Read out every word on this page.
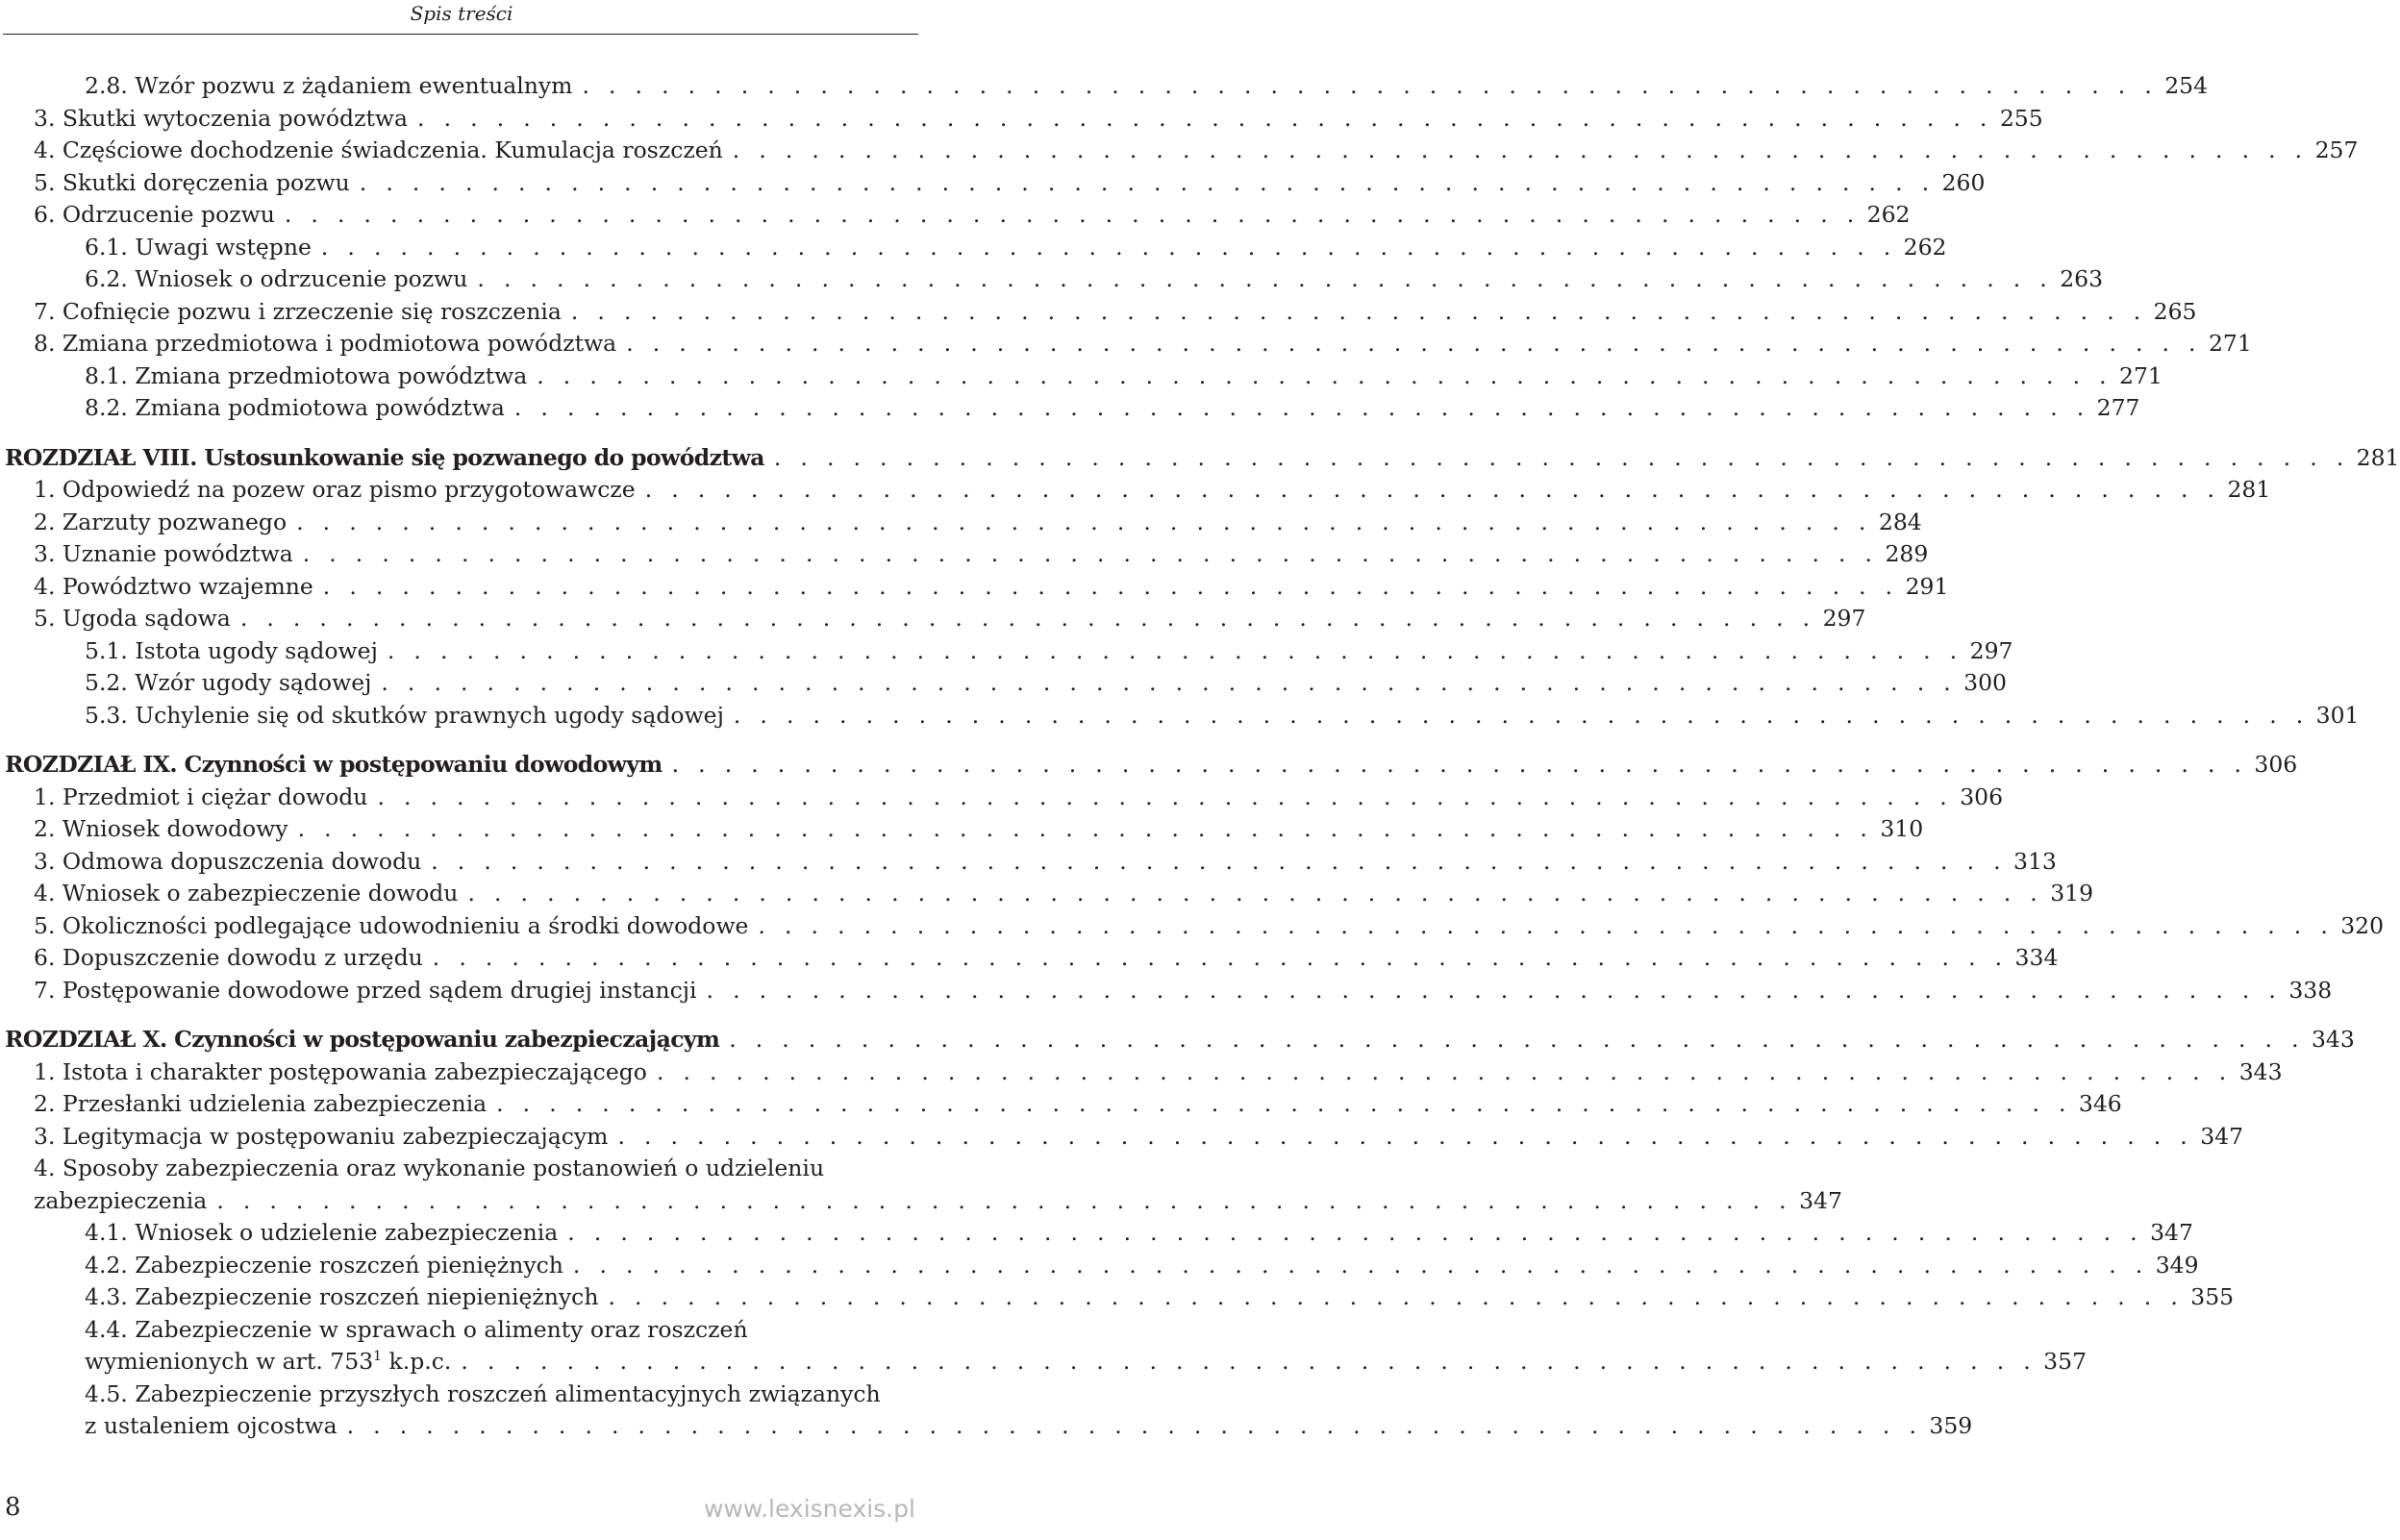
Spis treści
2.8. Wzór pozwu z żądaniem ewentualnym . . . . . . . . . . . . . . . . . . . . . . . . . . . . . . . . . . . . . . . . . . . . . . . . . . . . . . . . . . . . 254
3. Skutki wytoczenia powództwa . . . . . . . . . . . . . . . . . . . . . . . . . . . . . . . . . . . . . . . . . . . . . . . . . . . . . . . . . . . . 255
4. Częściowe dochodzenie świadczenia. Kumulacja roszczeń . . . . . . . . . . . . . . . . . . . . . . . . . . . . . . . . . . . . . . . . . . . . . . . . . . . . . . . . . . . . 257
5. Skutki doręczenia pozwu . . . . . . . . . . . . . . . . . . . . . . . . . . . . . . . . . . . . . . . . . . . . . . . . . . . . . . . . . . . . 260
6. Odrzucenie pozwu . . . . . . . . . . . . . . . . . . . . . . . . . . . . . . . . . . . . . . . . . . . . . . . . . . . . . . . . . . . . 262
6.1. Uwagi wstępne . . . . . . . . . . . . . . . . . . . . . . . . . . . . . . . . . . . . . . . . . . . . . . . . . . . . . . . . . . . . 262
6.2. Wniosek o odrzucenie pozwu . . . . . . . . . . . . . . . . . . . . . . . . . . . . . . . . . . . . . . . . . . . . . . . . . . . . . . . . . . . . 263
7. Cofnięcie pozwu i zrzeczenie się roszczenia . . . . . . . . . . . . . . . . . . . . . . . . . . . . . . . . . . . . . . . . . . . . . . . . . . . . . . . . . . . . 265
8. Zmiana przedmiotowa i podmiotowa powództwa . . . . . . . . . . . . . . . . . . . . . . . . . . . . . . . . . . . . . . . . . . . . . . . . . . . . . . . . . . . . 271
8.1. Zmiana przedmiotowa powództwa . . . . . . . . . . . . . . . . . . . . . . . . . . . . . . . . . . . . . . . . . . . . . . . . . . . . . . . . . . . . 271
8.2. Zmiana podmiotowa powództwa . . . . . . . . . . . . . . . . . . . . . . . . . . . . . . . . . . . . . . . . . . . . . . . . . . . . . . . . . . . . 277
ROZDZIAŁ VIII. Ustosunkowanie się pozwanego do powództwa . . . . . . . . . . . . . . . . . . . . . . . . . . . . . . . . . . . . . . . . . . . . . . . . . . . . . . . . . . . . 281
1. Odpowiedź na pozew oraz pismo przygotowawcze . . . . . . . . . . . . . . . . . . . . . . . . . . . . . . . . . . . . . . . . . . . . . . . . . . . . . . . . . . . . 281
2. Zarzuty pozwanego . . . . . . . . . . . . . . . . . . . . . . . . . . . . . . . . . . . . . . . . . . . . . . . . . . . . . . . . . . . . 284
3. Uznanie powództwa . . . . . . . . . . . . . . . . . . . . . . . . . . . . . . . . . . . . . . . . . . . . . . . . . . . . . . . . . . . . 289
4. Powództwo wzajemne . . . . . . . . . . . . . . . . . . . . . . . . . . . . . . . . . . . . . . . . . . . . . . . . . . . . . . . . . . . . 291
5. Ugoda sądowa . . . . . . . . . . . . . . . . . . . . . . . . . . . . . . . . . . . . . . . . . . . . . . . . . . . . . . . . . . . . 297
5.1. Istota ugody sądowej . . . . . . . . . . . . . . . . . . . . . . . . . . . . . . . . . . . . . . . . . . . . . . . . . . . . . . . . . . . . 297
5.2. Wzór ugody sądowej . . . . . . . . . . . . . . . . . . . . . . . . . . . . . . . . . . . . . . . . . . . . . . . . . . . . . . . . . . . . 300
5.3. Uchylenie się od skutków prawnych ugody sądowej . . . . . . . . . . . . . . . . . . . . . . . . . . . . . . . . . . . . . . . . . . . . . . . . . . . . . . . . . . . . 301
ROZDZIAŁ IX. Czynności w postępowaniu dowodowym . . . . . . . . . . . . . . . . . . . . . . . . . . . . . . . . . . . . . . . . . . . . . . . . . . . . . . . . . . . . 306
1. Przedmiot i ciężar dowodu . . . . . . . . . . . . . . . . . . . . . . . . . . . . . . . . . . . . . . . . . . . . . . . . . . . . . . . . . . . . 306
2. Wniosek dowodowy . . . . . . . . . . . . . . . . . . . . . . . . . . . . . . . . . . . . . . . . . . . . . . . . . . . . . . . . . . . . 310
3. Odmowa dopuszczenia dowodu . . . . . . . . . . . . . . . . . . . . . . . . . . . . . . . . . . . . . . . . . . . . . . . . . . . . . . . . . . . . 313
4. Wniosek o zabezpieczenie dowodu . . . . . . . . . . . . . . . . . . . . . . . . . . . . . . . . . . . . . . . . . . . . . . . . . . . . . . . . . . . . 319
5. Okoliczności podlegające udowodnieniu a środki dowodowe . . . . . . . . . . . . . . . . . . . . . . . . . . . . . . . . . . . . . . . . . . . . . . . . . . . . . . . . . . . . 320
6. Dopuszczenie dowodu z urzędu . . . . . . . . . . . . . . . . . . . . . . . . . . . . . . . . . . . . . . . . . . . . . . . . . . . . . . . . . . . . 334
7. Postępowanie dowodowe przed sądem drugiej instancji . . . . . . . . . . . . . . . . . . . . . . . . . . . . . . . . . . . . . . . . . . . . . . . . . . . . . . . . . . . . 338
ROZDZIAŁ X. Czynności w postępowaniu zabezpieczającym . . . . . . . . . . . . . . . . . . . . . . . . . . . . . . . . . . . . . . . . . . . . . . . . . . . . . . . . . . . . 343
1. Istota i charakter postępowania zabezpieczającego . . . . . . . . . . . . . . . . . . . . . . . . . . . . . . . . . . . . . . . . . . . . . . . . . . . . . . . . . . . . 343
2. Przesłanki udzielenia zabezpieczenia . . . . . . . . . . . . . . . . . . . . . . . . . . . . . . . . . . . . . . . . . . . . . . . . . . . . . . . . . . . . 346
3. Legitymacja w postępowaniu zabezpieczającym . . . . . . . . . . . . . . . . . . . . . . . . . . . . . . . . . . . . . . . . . . . . . . . . . . . . . . . . . . . . 347
4. Sposoby zabezpieczenia oraz wykonanie postanowień o udzieleniu
zabezpieczenia . . . . . . . . . . . . . . . . . . . . . . . . . . . . . . . . . . . . . . . . . . . . . . . . . . . . . . . . . . . . 347
4.1. Wniosek o udzielenie zabezpieczenia . . . . . . . . . . . . . . . . . . . . . . . . . . . . . . . . . . . . . . . . . . . . . . . . . . . . . . . . . . . . 347
4.2. Zabezpieczenie roszczeń pieniężnych . . . . . . . . . . . . . . . . . . . . . . . . . . . . . . . . . . . . . . . . . . . . . . . . . . . . . . . . . . . . 349
4.3. Zabezpieczenie roszczeń niepieniężnych . . . . . . . . . . . . . . . . . . . . . . . . . . . . . . . . . . . . . . . . . . . . . . . . . . . . . . . . . . . . 355
4.4. Zabezpieczenie w sprawach o alimenty oraz roszczeń
wymienionych w art. $753^1$ k.p.c. . . . . . . . . . . . . . . . . . . . . . . . . . . . . . . . . . . . . . . . . . . . . . . . . . . . . . . . . . . . . 357
4.5. Zabezpieczenie przyszłych roszczeń alimentacyjnych związanych
z ustaleniem ojcostwa . . . . . . . . . . . . . . . . . . . . . . . . . . . . . . . . . . . . . . . . . . . . . . . . . . . . . . . . . . . . 359
8	www.lexisnexis.pl
